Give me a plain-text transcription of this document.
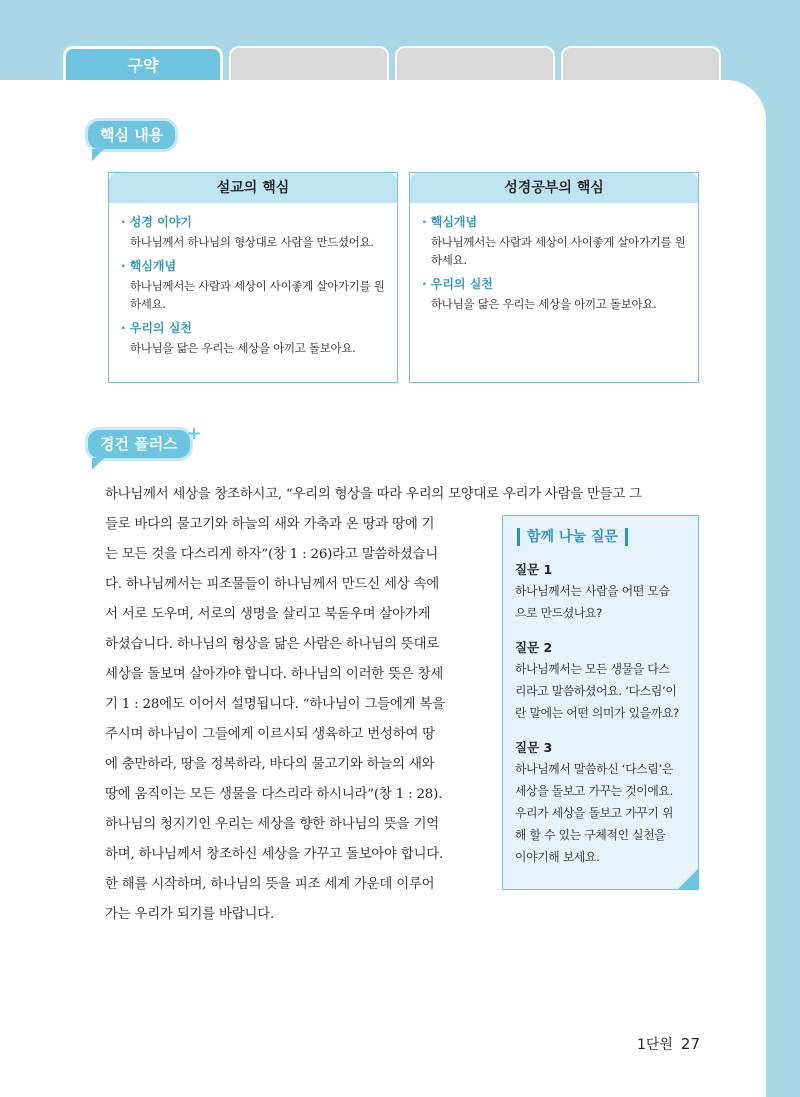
구약
핵심 내용
설교의 핵심
· 성경 이야기
하나님께서 하나님의 형상대로 사람을 만드셨어요.
· 핵심개념
하나님께서는 사람과 세상이 사이좋게 살아가기를 원하세요.
· 우리의 실천
하나님을 닮은 우리는 세상을 아끼고 돌보아요.
성경공부의 핵심
· 핵심개념
하나님께서는 사람과 세상이 사이좋게 살아가기를 원하세요.
· 우리의 실천
하나님을 닮은 우리는 세상을 아끼고 돌보아요.
경건 플러스 +
하나님께서 세상을 창조하시고, “우리의 형상을 따라 우리의 모양대로 우리가 사람을 만들고 그
들로 바다의 물고기와 하늘의 새와 가축과 온 땅과 땅에 기
는 모든 것을 다스리게 하자”(창 1 : 26)라고 말씀하셨습니
다. 하나님께서는 피조물들이 하나님께서 만드신 세상 속에
서 서로 도우며, 서로의 생명을 살리고 북돋우며 살아가게
하셨습니다. 하나님의 형상을 닮은 사람은 하나님의 뜻대로
세상을 돌보며 살아가야 합니다. 하나님의 이러한 뜻은 창세
기 1 : 28에도 이어서 설명됩니다. “하나님이 그들에게 복을
주시며 하나님이 그들에게 이르시되 생육하고 번성하여 땅
에 충만하라, 땅을 정복하라, 바다의 물고기와 하늘의 새와
땅에 움직이는 모든 생물을 다스리라 하시니라”(창 1 : 28).
하나님의 청지기인 우리는 세상을 향한 하나님의 뜻을 기억
하며, 하나님께서 창조하신 세상을 가꾸고 돌보아야 합니다.
한 해를 시작하며, 하나님의 뜻을 피조 세계 가운데 이루어
가는 우리가 되기를 바랍니다.
함께 나눌 질문
질문 1
하나님께서는 사람을 어떤 모습
으로 만드셨나요?
질문 2
하나님께서는 모든 생물을 다스
리라고 말씀하셨어요. ‘다스림’이
란 말에는 어떤 의미가 있을까요?
질문 3
하나님께서 말씀하신 ‘다스림’은
세상을 돌보고 가꾸는 것이에요.
우리가 세상을 돌보고 가꾸기 위
해 할 수 있는 구체적인 실천을
이야기해 보세요.
1단원 27
